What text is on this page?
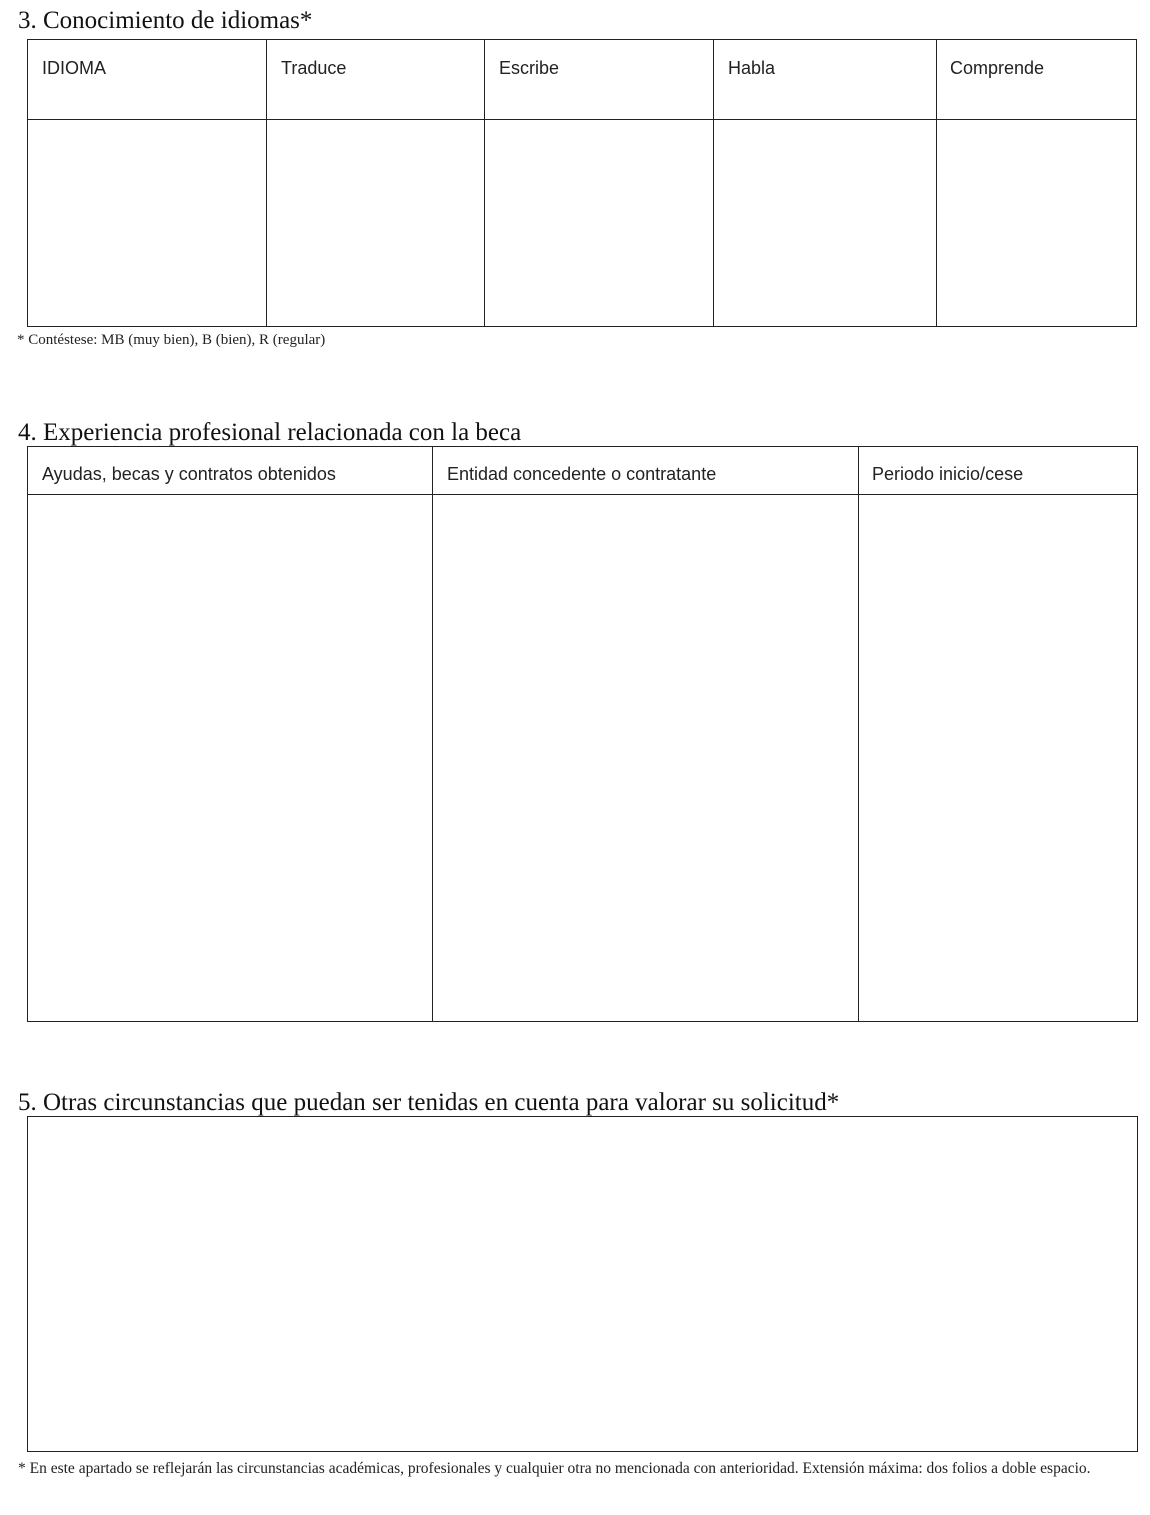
3. Conocimiento de idiomas*
IDIOMA	Traduce	Escribe	Habla	Comprende
* Contéstese: MB (muy bien), B (bien), R (regular)
4. Experiencia profesional relacionada con la beca
Ayudas, becas y contratos obtenidos	Entidad concedente o contratante	Periodo inicio/cese
5. Otras circunstancias que puedan ser tenidas en cuenta para valorar su solicitud*
* En este apartado se reflejarán las circunstancias académicas, profesionales y cualquier otra no mencionada con anterioridad. Extensión máxima: dos folios a doble espacio.
